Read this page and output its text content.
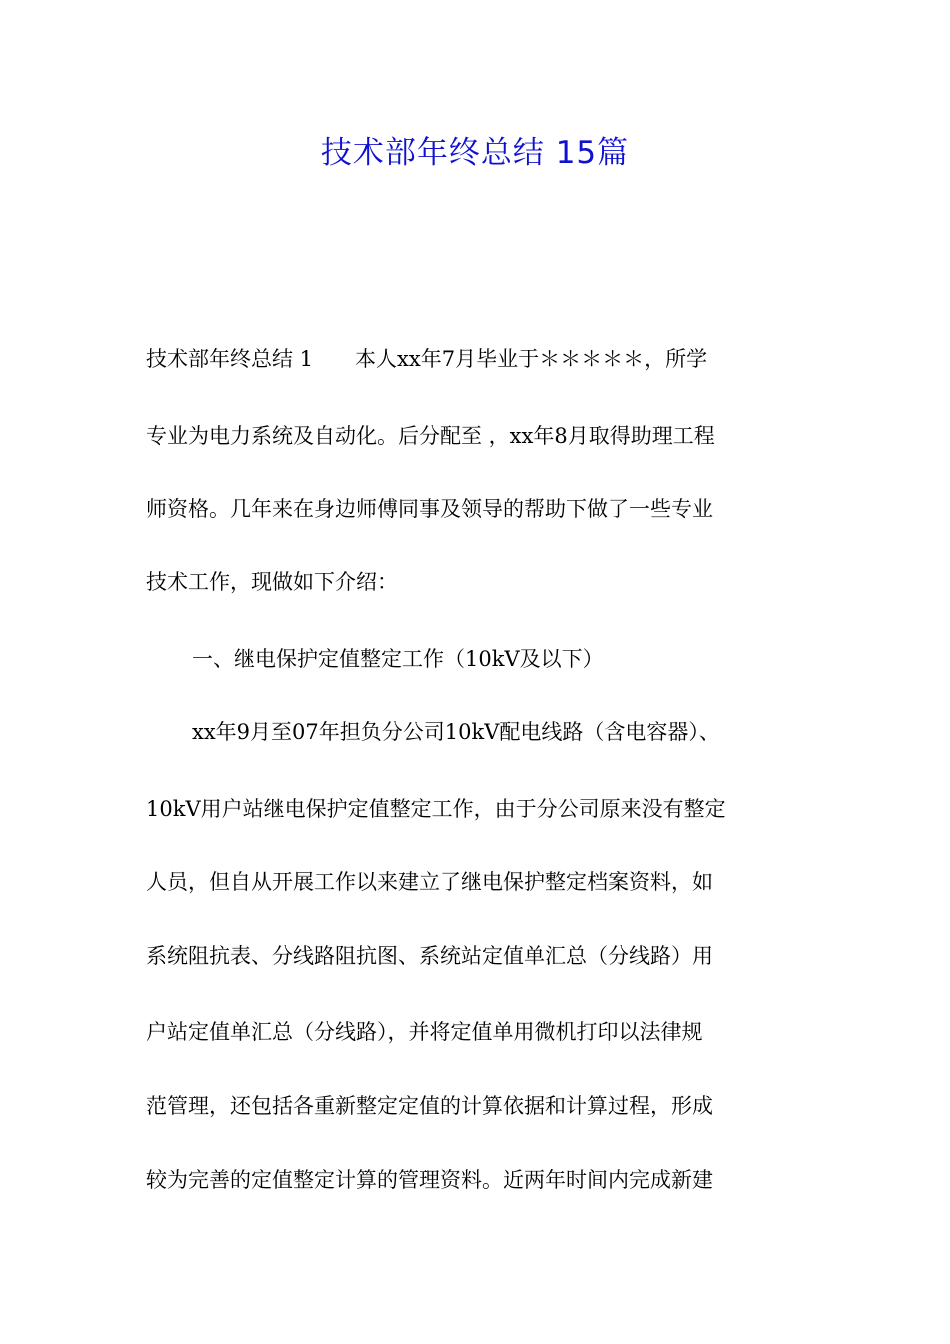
技术部年终总结 15篇

技术部年终总结 1　　本人xx年7月毕业于＊＊＊＊＊，所学

专业为电力系统及自动化。后分配至 ，xx年8月取得助理工程

师资格。几年来在身边师傅同事及领导的帮助下做了一些专业

技术工作，现做如下介绍：

一、继电保护定值整定工作（10kV及以下）

xx年9月至07年担负分公司10kV配电线路（含电容器）、

10kV用户站继电保护定值整定工作，由于分公司原来没有整定

人员，但自从开展工作以来建立了继电保护整定档案资料，如

系统阻抗表、分线路阻抗图、系统站定值单汇总（分线路）用

户站定值单汇总（分线路），并将定值单用微机打印以法律规

范管理，还包括各重新整定定值的计算依据和计算过程，形成

较为完善的定值整定计算的管理资料。近两年时间内完成新建
